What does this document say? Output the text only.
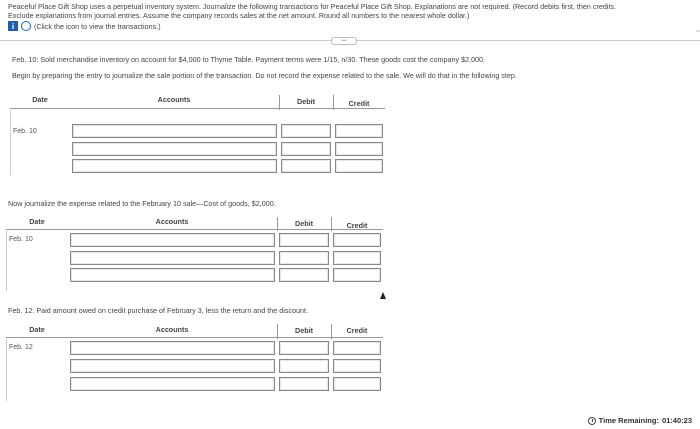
Peaceful Place Gift Shop uses a perpetual inventory system. Journalize the following transactions for Peaceful Place Gift Shop. Explanations are not required. (Record debits first, then credits.
Exclude explanations from journal entries. Assume the company records sales at the net amount. Round all numbers to the nearest whole dollar.)
i	(Click the icon to view the transactions.)
•••
Feb. 10: Sold merchandise inventory on account for $4,000 to Thyme Table. Payment terms were 1/15, n/30. These goods cost the company $2,000.
Begin by preparing the entry to journalize the sale portion of the transaction. Do not record the expense related to the sale. We will do that in the following step.
Date	Accounts	Debit	Credit
Feb. 10
Now journalize the expense related to the February 10 sale—Cost of goods, $2,000.
Date	Accounts	Debit	Credit
Feb. 10
Feb. 12: Paid amount owed on credit purchase of February 3, less the return and the discount.
Date	Accounts	Debit	Credit
Feb. 12
Time Remaining: 01:40:23
